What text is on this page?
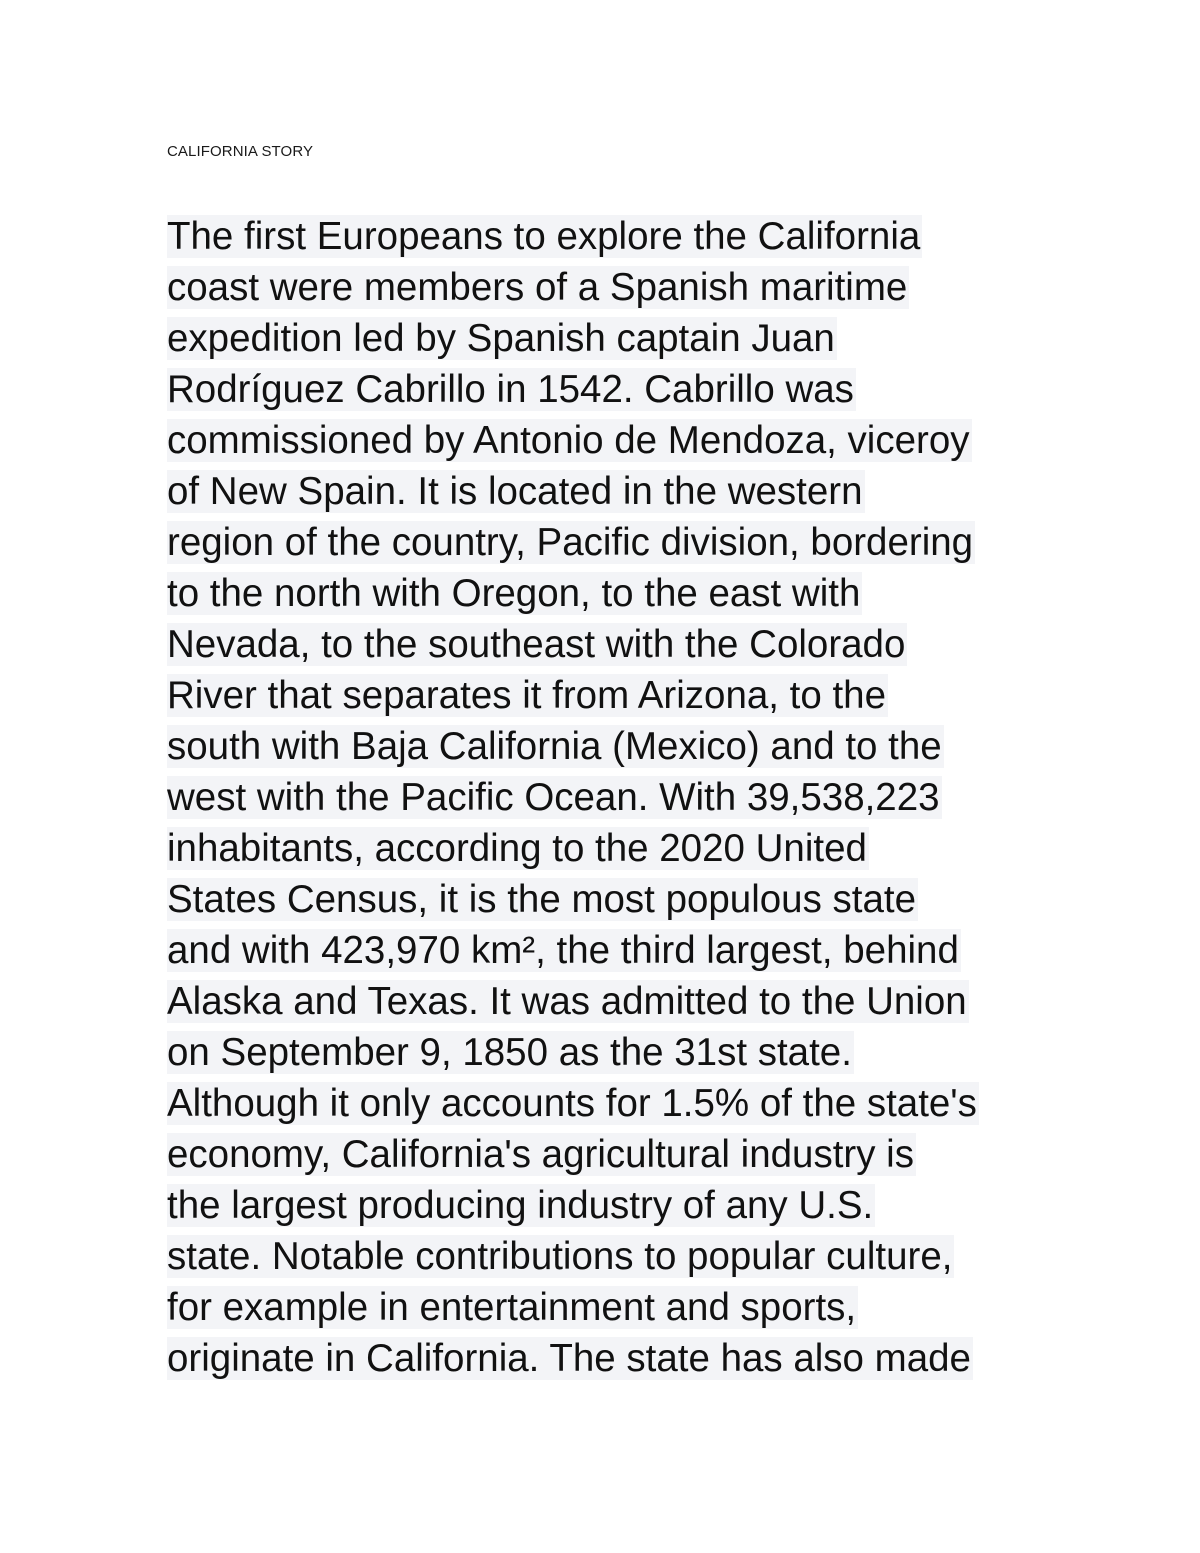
CALIFORNIA STORY
The first Europeans to explore the California
coast were members of a Spanish maritime
expedition led by Spanish captain Juan
Rodríguez Cabrillo in 1542. Cabrillo was
commissioned by Antonio de Mendoza, viceroy
of New Spain. It is located in the western
region of the country, Pacific division, bordering
to the north with Oregon, to the east with
Nevada, to the southeast with the Colorado
River that separates it from Arizona, to the
south with Baja California (Mexico) and to the
west with the Pacific Ocean. With 39,538,223
inhabitants, according to the 2020 United
States Census, it is the most populous state
and with 423,970 km², the third largest, behind
Alaska and Texas. It was admitted to the Union
on September 9, 1850 as the 31st state.
Although it only accounts for 1.5% of the state's
economy, California's agricultural industry is
the largest producing industry of any U.S.
state. Notable contributions to popular culture,
for example in entertainment and sports,
originate in California. The state has also made
